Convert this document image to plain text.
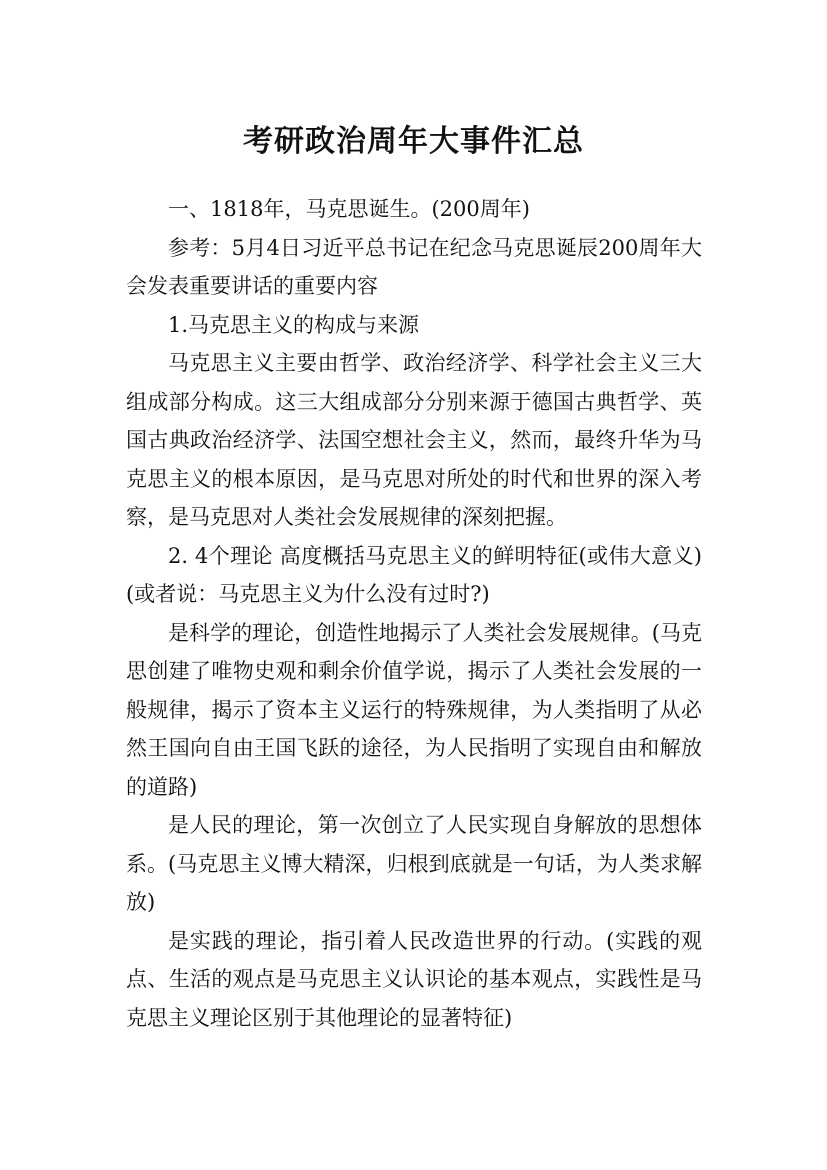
考研政治周年大事件汇总

一、1818年，马克思诞生。(200周年)

参考：5月4日习近平总书记在纪念马克思诞辰200周年大会发表重要讲话的重要内容

1.马克思主义的构成与来源

马克思主义主要由哲学、政治经济学、科学社会主义三大组成部分构成。这三大组成部分分别来源于德国古典哲学、英国古典政治经济学、法国空想社会主义，然而，最终升华为马克思主义的根本原因，是马克思对所处的时代和世界的深入考察，是马克思对人类社会发展规律的深刻把握。

2. 4个理论 高度概括马克思主义的鲜明特征(或伟大意义)(或者说：马克思主义为什么没有过时?)

是科学的理论，创造性地揭示了人类社会发展规律。(马克思创建了唯物史观和剩余价值学说，揭示了人类社会发展的一般规律，揭示了资本主义运行的特殊规律，为人类指明了从必然王国向自由王国飞跃的途径，为人民指明了实现自由和解放的道路)

是人民的理论，第一次创立了人民实现自身解放的思想体系。(马克思主义博大精深，归根到底就是一句话，为人类求解放)

是实践的理论，指引着人民改造世界的行动。(实践的观点、生活的观点是马克思主义认识论的基本观点，实践性是马克思主义理论区别于其他理论的显著特征)
